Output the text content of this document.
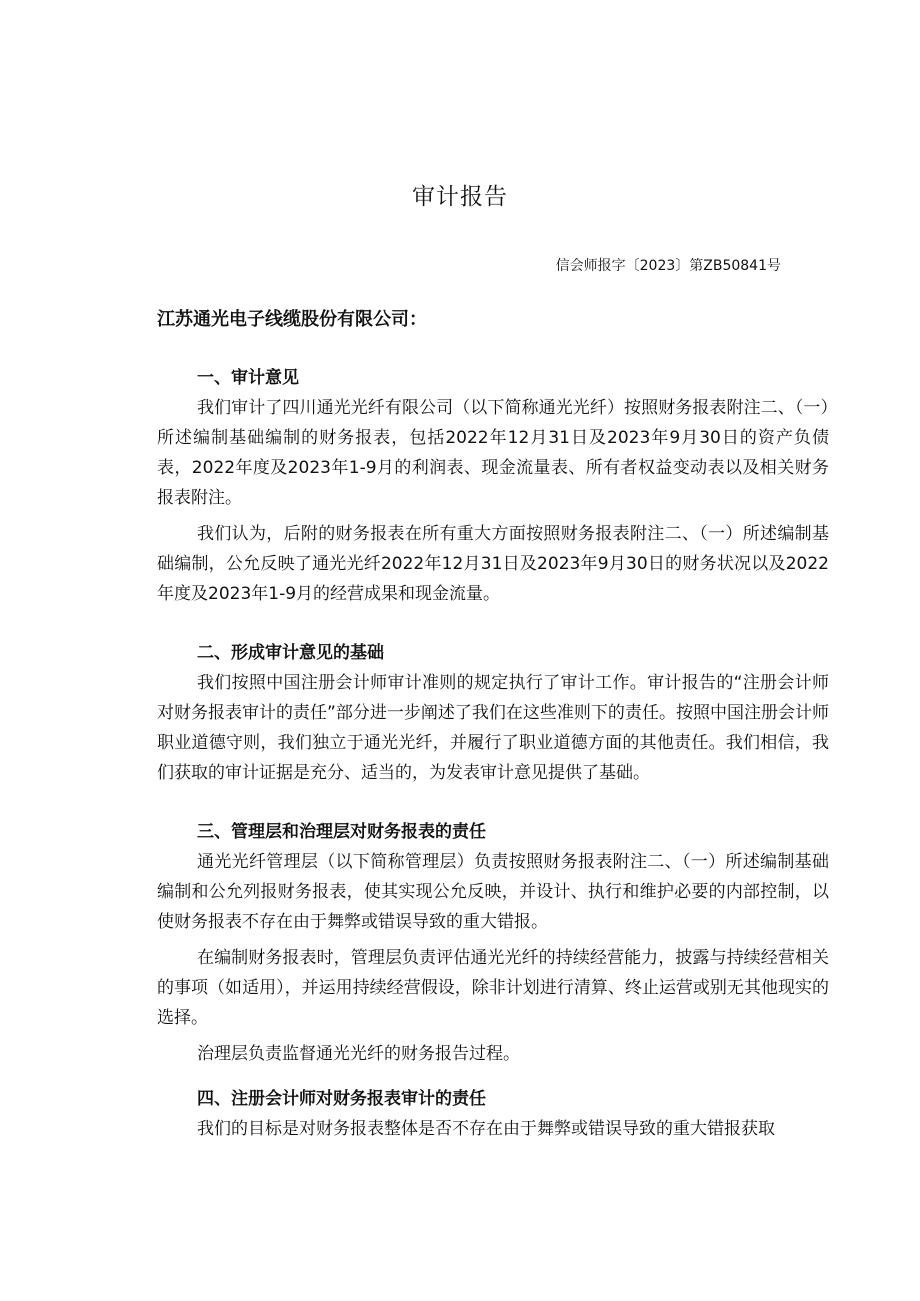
审计报告
信会师报字〔2023〕第ZB50841号
江苏通光电子线缆股份有限公司：
一、审计意见

我们审计了四川通光光纤有限公司（以下简称通光光纤）按照财务报表附注二、（一）所述编制基础编制的财务报表，包括2022年12月31日及2023年9月30日的资产负债表，2022年度及2023年1-9月的利润表、现金流量表、所有者权益变动表以及相关财务报表附注。

我们认为，后附的财务报表在所有重大方面按照财务报表附注二、（一）所述编制基础编制，公允反映了通光光纤2022年12月31日及2023年9月30日的财务状况以及2022年度及2023年1-9月的经营成果和现金流量。

二、形成审计意见的基础

我们按照中国注册会计师审计准则的规定执行了审计工作。审计报告的“注册会计师对财务报表审计的责任”部分进一步阐述了我们在这些准则下的责任。按照中国注册会计师职业道德守则，我们独立于通光光纤，并履行了职业道德方面的其他责任。我们相信，我们获取的审计证据是充分、适当的，为发表审计意见提供了基础。

三、管理层和治理层对财务报表的责任

通光光纤管理层（以下简称管理层）负责按照财务报表附注二、（一）所述编制基础编制和公允列报财务报表，使其实现公允反映，并设计、执行和维护必要的内部控制，以使财务报表不存在由于舞弊或错误导致的重大错报。

在编制财务报表时，管理层负责评估通光光纤的持续经营能力，披露与持续经营相关的事项（如适用），并运用持续经营假设，除非计划进行清算、终止运营或别无其他现实的选择。

治理层负责监督通光光纤的财务报告过程。

四、注册会计师对财务报表审计的责任

我们的目标是对财务报表整体是否不存在由于舞弊或错误导致的重大错报获取
